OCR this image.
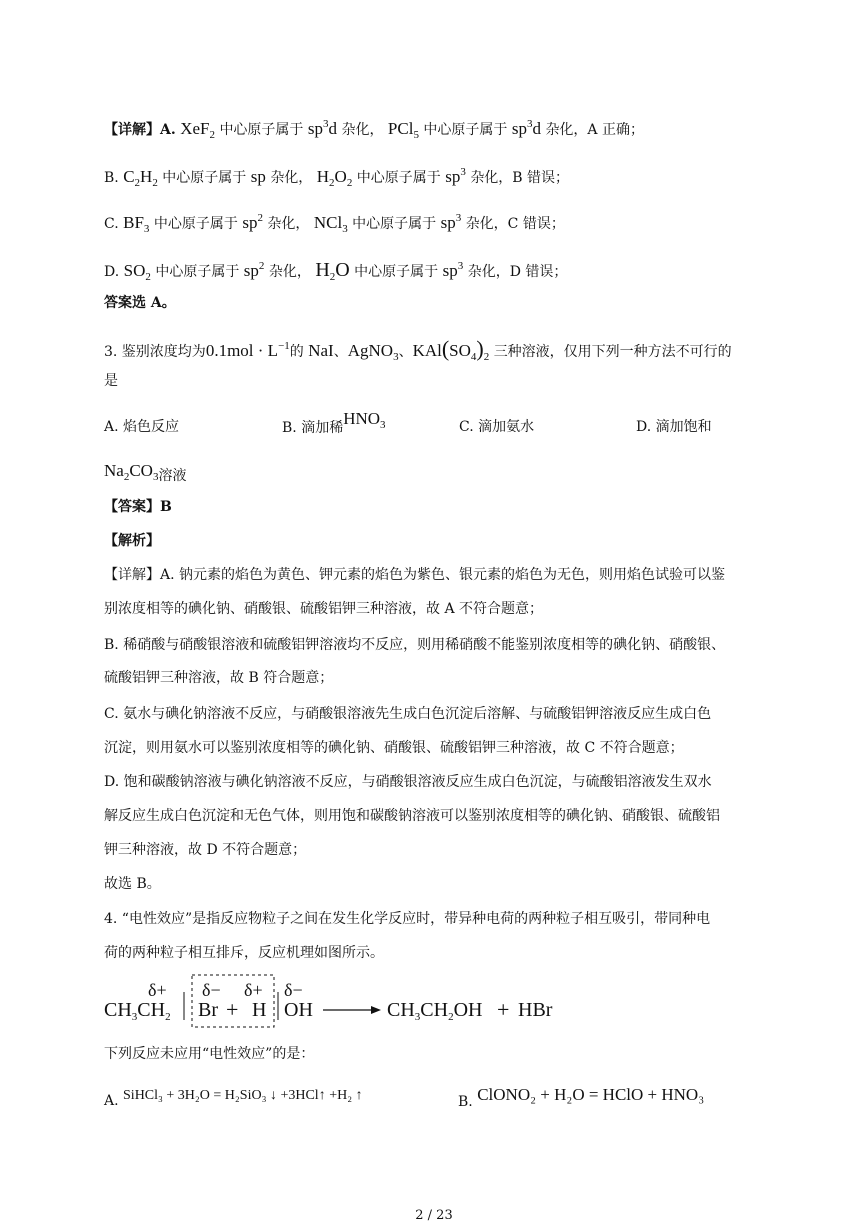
【详解】A. XeF$_2$ 中心原子属于 $sp^3d$ 杂化， PCl$_5$ 中心原子属于 $sp^3d$ 杂化，A 正确；
B. $C_2H_2$ 中心原子属于 sp 杂化， $H_2O_2$ 中心原子属于 $sp^3$ 杂化，B 错误；
C. $BF_3$ 中心原子属于 $sp^2$ 杂化， NCl$_3$ 中心原子属于 $sp^3$ 杂化，C 错误；
D. $SO_2$ 中心原子属于 $sp^2$ 杂化， $H_2O$ 中心原子属于 $sp^3$ 杂化，D 错误；
答案选 A。
3. 鉴别浓度均为$0.1mol \cdot L^{-1}$的 NaI、AgNO$_3$、$KAl(SO_4)_2$ 三种溶液，仅用下列一种方法不可行的
是
A. 焰色反应	B. 滴加稀$HNO_3$	C. 滴加氨水	D. 滴加饱和
$Na_2CO_3$溶液
【答案】B
【解析】
【详解】A. 钠元素的焰色为黄色、钾元素的焰色为紫色、银元素的焰色为无色，则用焰色试验可以鉴
别浓度相等的碘化钠、硝酸银、硫酸铝钾三种溶液，故 A 不符合题意；
B. 稀硝酸与硝酸银溶液和硫酸铝钾溶液均不反应，则用稀硝酸不能鉴别浓度相等的碘化钠、硝酸银、
硫酸铝钾三种溶液，故 B 符合题意；
C. 氨水与碘化钠溶液不反应，与硝酸银溶液先生成白色沉淀后溶解、与硫酸铝钾溶液反应生成白色
沉淀，则用氨水可以鉴别浓度相等的碘化钠、硝酸银、硫酸铝钾三种溶液，故 C 不符合题意；
D. 饱和碳酸钠溶液与碘化钠溶液不反应，与硝酸银溶液反应生成白色沉淀，与硫酸铝溶液发生双水
解反应生成白色沉淀和无色气体，则用饱和碳酸钠溶液可以鉴别浓度相等的碘化钠、硝酸银、硫酸铝
钾三种溶液，故 D 不符合题意；
故选 B。
4. “电性效应”是指反应物粒子之间在发生化学反应时，带异种电荷的两种粒子相互吸引，带同种电
荷的两种粒子相互排斥，反应机理如图所示。
δ+ δ− δ+ δ−
$CH_3CH_2$ Br + H OH	$CH_3CH_2OH$ + HBr
下列反应未应用“电性效应”的是：
A. SiHCl₃ + 3H₂O = H₂SiO₃ ↓ +3HCl↑ +H₂ ↑	B. ClONO₂ + H₂O = HClO + HNO₃
2 / 23
